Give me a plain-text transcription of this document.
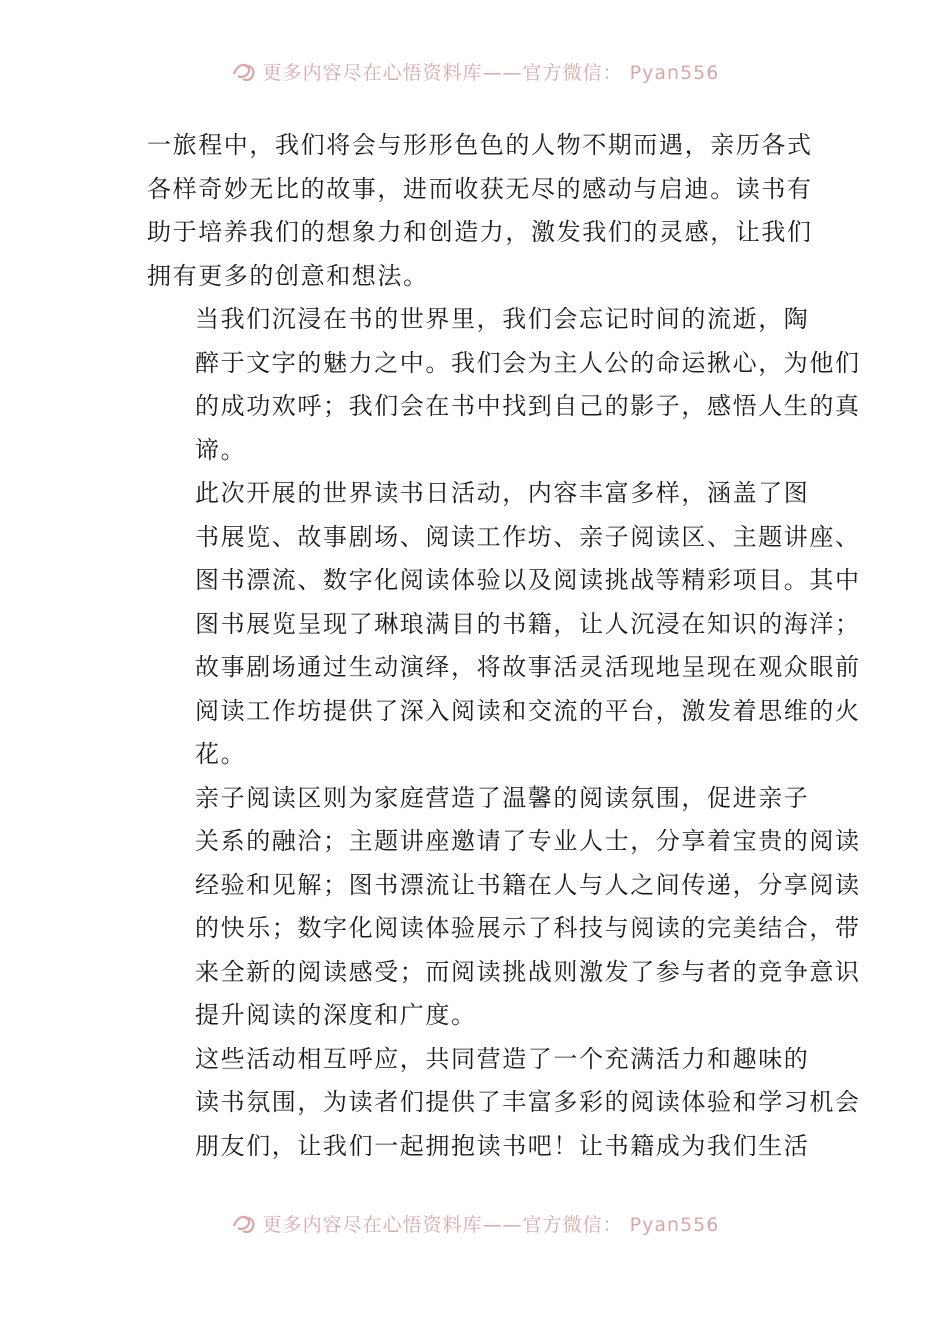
更多内容尽在心悟资料库——官方微信： Pyan556

一旅程中，我们将会与形形色色的人物不期而遇，亲历各式
各样奇妙无比的故事，进而收获无尽的感动与启迪。读书有
助于培养我们的想象力和创造力，激发我们的灵感，让我们
拥有更多的创意和想法。

当我们沉浸在书的世界里，我们会忘记时间的流逝，陶
醉于文字的魅力之中。我们会为主人公的命运揪心，为他们
的成功欢呼；我们会在书中找到自己的影子，感悟人生的真
谛。

此次开展的世界读书日活动，内容丰富多样，涵盖了图
书展览、故事剧场、阅读工作坊、亲子阅读区、主题讲座、
图书漂流、数字化阅读体验以及阅读挑战等精彩项目。其中
图书展览呈现了琳琅满目的书籍，让人沉浸在知识的海洋；
故事剧场通过生动演绎，将故事活灵活现地呈现在观众眼前
阅读工作坊提供了深入阅读和交流的平台，激发着思维的火
花。

亲子阅读区则为家庭营造了温馨的阅读氛围，促进亲子
关系的融洽；主题讲座邀请了专业人士，分享着宝贵的阅读
经验和见解；图书漂流让书籍在人与人之间传递，分享阅读
的快乐；数字化阅读体验展示了科技与阅读的完美结合，带
来全新的阅读感受；而阅读挑战则激发了参与者的竞争意识
提升阅读的深度和广度。

这些活动相互呼应，共同营造了一个充满活力和趣味的
读书氛围，为读者们提供了丰富多彩的阅读体验和学习机会

朋友们，让我们一起拥抱读书吧！让书籍成为我们生活

更多内容尽在心悟资料库——官方微信： Pyan556
